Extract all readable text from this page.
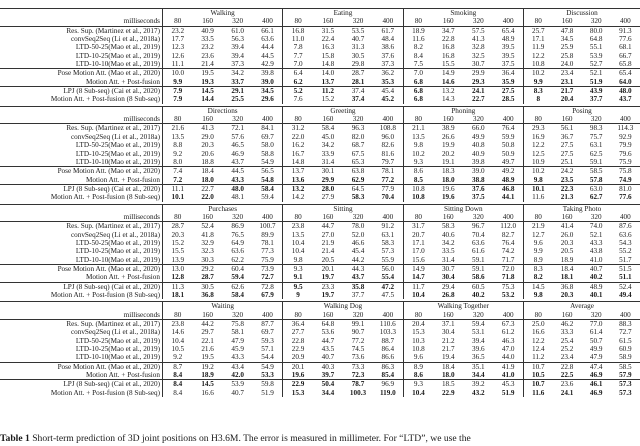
	Walking				Eating				Smoking				Discussion			
milliseconds	80	160	320	400	80	160	320	400	80	160	320	400	80	160	320	400
Res. Sup. (Martinez et al., 2017)	23.2	40.9	61.0	66.1	16.8	31.5	53.5	61.7	18.9	34.7	57.5	65.4	25.7	47.8	80.0	91.3
convSeq2Seq (Li et al., 2018a)	17.7	33.5	56.3	63.6	11.0	22.4	40.7	48.4	11.6	22.8	41.3	48.9	17.1	34.5	64.8	77.6
LTD-50-25(Mao et al., 2019)	12.3	23.2	39.4	44.4	7.8	16.3	31.3	38.6	8.2	16.8	32.8	39.5	11.9	25.9	55.1	68.1
LTD-10-25(Mao et al., 2019)	12.6	23.6	39.4	44.5	7.7	15.8	30.5	37.6	8.4	16.8	32.5	39.5	12.2	25.8	53.9	66.7
LTD-10-10(Mao et al., 2019)	11.1	21.4	37.3	42.9	7.0	14.8	29.8	37.3	7.5	15.5	30.7	37.5	10.8	24.0	52.7	65.8
Pose Motion Att. (Mao et al., 2020)	10.0	19.5	34.2	39.8	6.4	14.0	28.7	36.2	7.0	14.9	29.9	36.4	10.2	23.4	52.1	65.4
Motion Att. + Post-fusion	9.9	19.3	33.7	39.0	6.2	13.7	28.1	35.3	6.8	14.6	29.3	35.9	9.9	23.1	51.9	64.0
LPJ (8 Sub-seq) (Cai et al., 2020)	7.9	14.5	29.1	34.5	5.2	11.2	37.4	45.4	6.8	13.2	24.1	27.5	8.3	21.7	43.9	48.0
Motion Att. + Post-fusion (8 Sub-seq)	7.9	14.4	25.5	29.6	7.6	15.2	37.4	45.2	6.8	14.3	22.7	28.5	8	20.4	37.7	43.7

	Directions				Greeting				Phoning				Posing			
milliseconds	80	160	320	400	80	160	320	400	80	160	320	400	80	160	320	400
Res. Sup. (Martinez et al., 2017)	21.6	41.3	72.1	84.1	31.2	58.4	96.3	108.8	21.1	38.9	66.0	76.4	29.3	56.1	98.3	114.3
convSeq2Seq (Li et al., 2018a)	13.5	29.0	57.6	69.7	22.0	45.0	82.0	96.0	13.5	26.6	49.9	59.9	16.9	36.7	75.7	92.9
LTD-50-25(Mao et al., 2019)	8.8	20.3	46.5	58.0	16.2	34.2	68.7	82.6	9.8	19.9	40.8	50.8	12.2	27.5	63.1	79.9
LTD-10-25(Mao et al., 2019)	9.2	20.6	46.9	58.8	16.7	33.9	67.5	81.6	10.2	20.2	40.9	50.9	12.5	27.5	62.5	79.6
LTD-10-10(Mao et al., 2019)	8.0	18.8	43.7	54.9	14.8	31.4	65.3	79.7	9.3	19.1	39.8	49.7	10.9	25.1	59.1	75.9
Pose Motion Att. (Mao et al., 2020)	7.4	18.4	44.5	56.5	13.7	30.1	63.8	78.1	8.6	18.3	39.0	49.2	10.2	24.2	58.5	75.8
Motion Att. + Post-fusion	7.2	18.0	43.3	54.8	13.6	29.9	62.9	77.2	8.5	18.0	38.8	48.9	9.8	23.5	57.8	74.9
LPJ (8 Sub-seq) (Cai et al., 2020)	11.1	22.7	48.0	58.4	13.2	28.0	64.5	77.9	10.8	19.6	37.6	46.8	10.1	22.3	63.0	81.0
Motion Att. + Post-fusion (8 Sub-seq)	10.1	22.0	48.1	59.4	14.2	27.9	58.3	70.4	10.8	19.6	37.5	44.1	11.6	21.3	62.7	77.6

	Purchases				Sitting				Sitting Down				Taking Photo			
milliseconds	80	160	320	400	80	160	320	400	80	160	320	400	80	160	320	400
Res. Sup. (Martinez et al., 2017)	28.7	52.4	86.9	100.7	23.8	44.7	78.0	91.2	31.7	58.3	96.7	112.0	21.9	41.4	74.0	87.6
convSeq2Seq (Li et al., 2018a)	20.3	41.8	76.5	89.9	13.5	27.0	52.0	63.1	20.7	40.6	70.4	82.7	12.7	26.0	52.1	63.6
LTD-50-25(Mao et al., 2019)	15.2	32.9	64.9	78.1	10.4	21.9	46.6	58.3	17.1	34.2	63.6	76.4	9.6	20.3	43.3	54.3
LTD-10-25(Mao et al., 2019)	15.5	32.3	63.6	77.3	10.4	21.4	45.4	57.3	17.0	33.5	61.6	74.2	9.9	20.5	43.8	55.2
LTD-10-10(Mao et al., 2019)	13.9	30.3	62.2	75.9	9.8	20.5	44.2	55.9	15.6	31.4	59.1	71.7	8.9	18.9	41.0	51.7
Pose Motion Att. (Mao et al., 2020)	13.0	29.2	60.4	73.9	9.3	20.1	44.3	56.0	14.9	30.7	59.1	72.0	8.3	18.4	40.7	51.5
Motion Att. + Post-fusion	12.8	28.7	59.4	72.7	9.1	19.7	43.7	55.4	14.7	30.4	58.6	71.8	8.2	18.1	40.2	51.1
LPJ (8 Sub-seq) (Cai et al., 2020)	11.3	30.5	62.6	72.8	9.5	23.3	35.8	47.2	11.7	29.4	60.5	75.3	14.5	36.8	48.9	52.4
Motion Att. + Post-fusion (8 Sub-seq)	18.1	36.8	58.4	67.9	9	19.7	37.7	47.5	10.4	26.8	40.2	53.2	9.8	20.3	40.1	49.4

	Waiting				Walking Dog				Walking Together				Average			
milliseconds	80	160	320	400	80	160	320	400	80	160	320	400	80	160	320	400
Res. Sup. (Martinez et al., 2017)	23.8	44.2	75.8	87.7	36.4	64.8	99.1	110.6	20.4	37.1	59.4	67.3	25.0	46.2	77.0	88.3
convSeq2Seq (Li et al., 2018a)	14.6	29.7	58.1	69.7	27.7	53.6	90.7	103.3	15.3	30.4	53.1	61.2	16.6	33.3	61.4	72.7
LTD-50-25(Mao et al., 2019)	10.4	22.1	47.9	59.3	22.8	44.7	77.2	88.7	10.3	21.2	39.4	46.3	12.2	25.4	50.7	61.5
LTD-10-25(Mao et al., 2019)	10.5	21.6	45.9	57.1	22.9	43.5	74.5	86.4	10.8	21.7	39.6	47.0	12.4	25.2	49.9	60.9
LTD-10-10(Mao et al., 2019)	9.2	19.5	43.3	54.4	20.9	40.7	73.6	86.6	9.6	19.4	36.5	44.0	11.2	23.4	47.9	58.9
Pose Motion Att. (Mao et al., 2020)	8.7	19.2	43.4	54.9	20.1	40.3	73.3	86.3	8.9	18.4	35.1	41.9	10.7	22.8	47.4	58.5
Motion Att. + Post-fusion	8.4	18.9	42.0	53.3	19.6	39.7	72.3	85.4	8.6	18.0	34.4	41.0	10.5	22.5	46.9	57.9
LPJ (8 Sub-seq) (Cai et al., 2020)	8.4	14.5	53.9	59.8	22.9	50.4	78.7	96.9	9.3	18.5	39.2	45.3	10.7	23.6	46.1	57.3
Motion Att. + Post-fusion (8 Sub-seq)	8.4	16.6	40.7	51.9	15.3	34.4	100.3	119.0	10.4	22.9	43.2	51.9	11.6	24.1	46.9	57.3
Table 1 Short-term prediction of 3D joint positions on H3.6M. The error is measured in millimeter. For “LTD”, we use the
